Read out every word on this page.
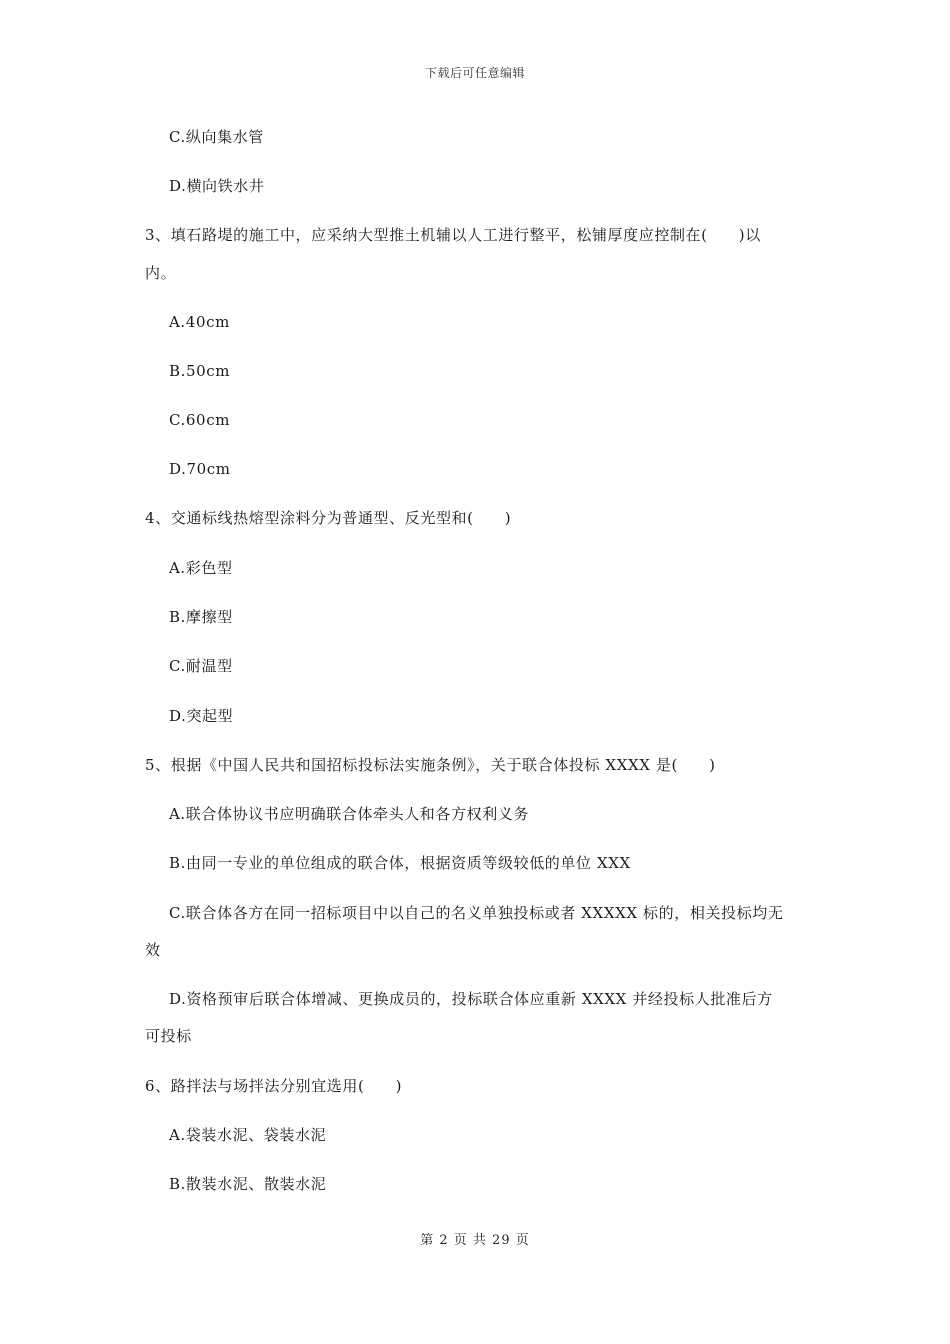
下载后可任意编辑
C.纵向集水管
D.横向铁水井
3、填石路堤的施工中，应采纳大型推土机辅以人工进行整平，松铺厚度应控制在(　　)以
内。
A.40cm
B.50cm
C.60cm
D.70cm
4、交通标线热熔型涂料分为普通型、反光型和(　　)
A.彩色型
B.摩擦型
C.耐温型
D.突起型
5、根据《中国人民共和国招标投标法实施条例》，关于联合体投标 XXXX 是(　　)
A.联合体协议书应明确联合体牵头人和各方权利义务
B.由同一专业的单位组成的联合体，根据资质等级较低的单位 XXX
C.联合体各方在同一招标项目中以自己的名义单独投标或者 XXXXX 标的，相关投标均无
效
D.资格预审后联合体增减、更换成员的，投标联合体应重新 XXXX 并经投标人批准后方
可投标
6、路拌法与场拌法分别宜选用(　　)
A.袋装水泥、袋装水泥
B.散装水泥、散装水泥
第 2 页 共 29 页
